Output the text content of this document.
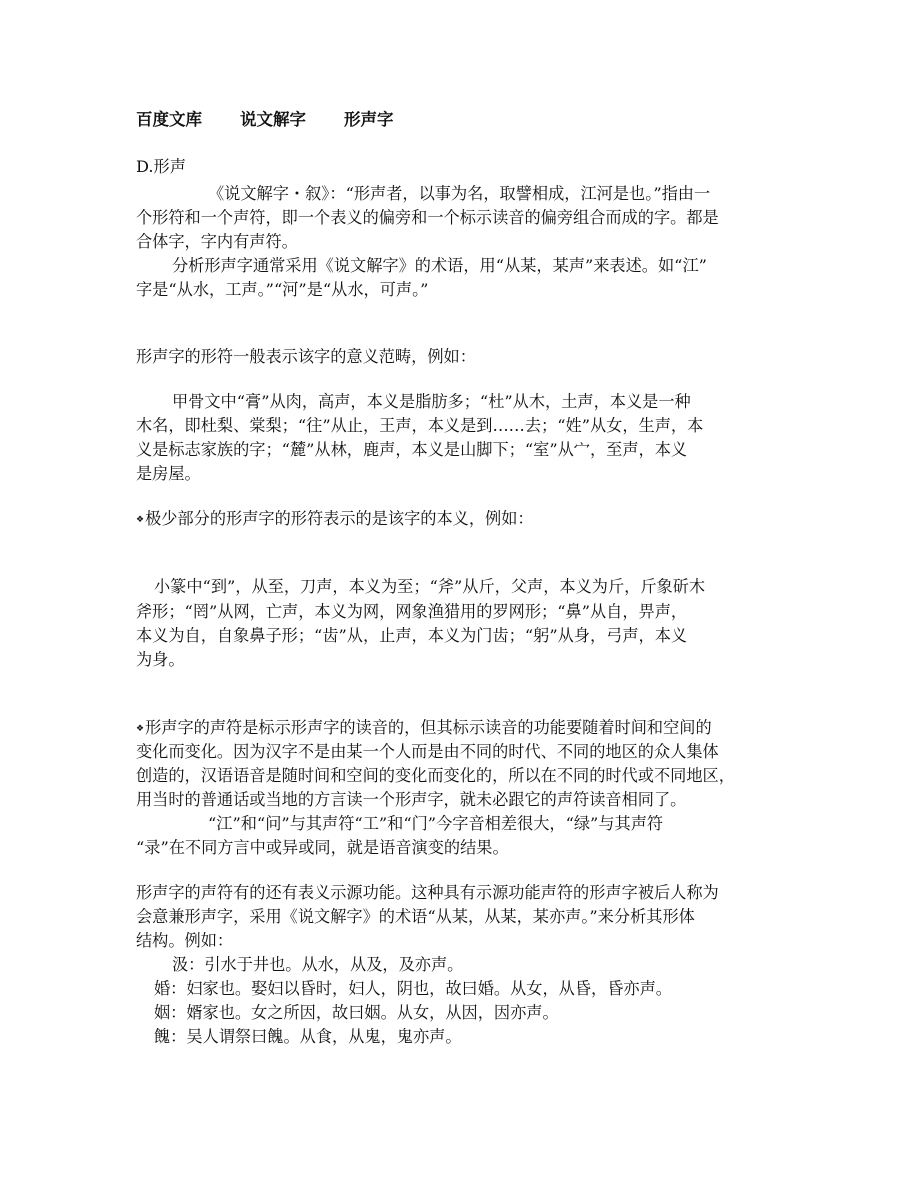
百度文库 说文解字 形声字
D.形声
《说文解字・叙》：“形声者，以事为名，取譬相成，江河是也。”指由一
个形符和一个声符，即一个表义的偏旁和一个标示读音的偏旁组合而成的字。都是
合体字，字内有声符。
分析形声字通常采用《说文解字》的术语，用“从某，某声”来表述。如“江”
字是“从水，工声。”“河”是“从水，可声。”
形声字的形符一般表示该字的意义范畴，例如：
甲骨文中“膏”从肉，高声，本义是脂肪多；“杜”从木，土声，本义是一种
木名，即杜梨、棠梨；“往”从止，王声，本义是到……去；“姓”从女，生声，本
义是标志家族的字；“麓”从林，鹿声，本义是山脚下；“室”从宀，至声，本义
是房屋。
❖极少部分的形声字的形符表示的是该字的本义，例如：
小篆中“到”，从至，刀声，本义为至；“斧”从斤，父声，本义为斤，斤象斫木
斧形；“罔”从网，亡声，本义为网，网象渔猎用的罗网形；“鼻”从自，畀声，
本义为自，自象鼻子形；“齿”从，止声，本义为门齿；“躬”从身，弓声，本义
为身。
❖形声字的声符是标示形声字的读音的，但其标示读音的功能要随着时间和空间的
变化而变化。因为汉字不是由某一个人而是由不同的时代、不同的地区的众人集体
创造的，汉语语音是随时间和空间的变化而变化的，所以在不同的时代或不同地区，
用当时的普通话或当地的方言读一个形声字，就未必跟它的声符读音相同了。
“江”和“问”与其声符“工”和“门”今字音相差很大，“绿”与其声符
“录”在不同方言中或异或同，就是语音演变的结果。
形声字的声符有的还有表义示源功能。这种具有示源功能声符的形声字被后人称为
会意兼形声字，采用《说文解字》的术语“从某，从某，某亦声。”来分析其形体
结构。例如：
汲：引水于井也。从水，从及，及亦声。
婚：妇家也。娶妇以昏时，妇人，阴也，故曰婚。从女，从昏，昏亦声。
姻：婿家也。女之所因，故曰姻。从女，从因，因亦声。
餽：吴人谓祭曰餽。从食，从鬼，鬼亦声。
